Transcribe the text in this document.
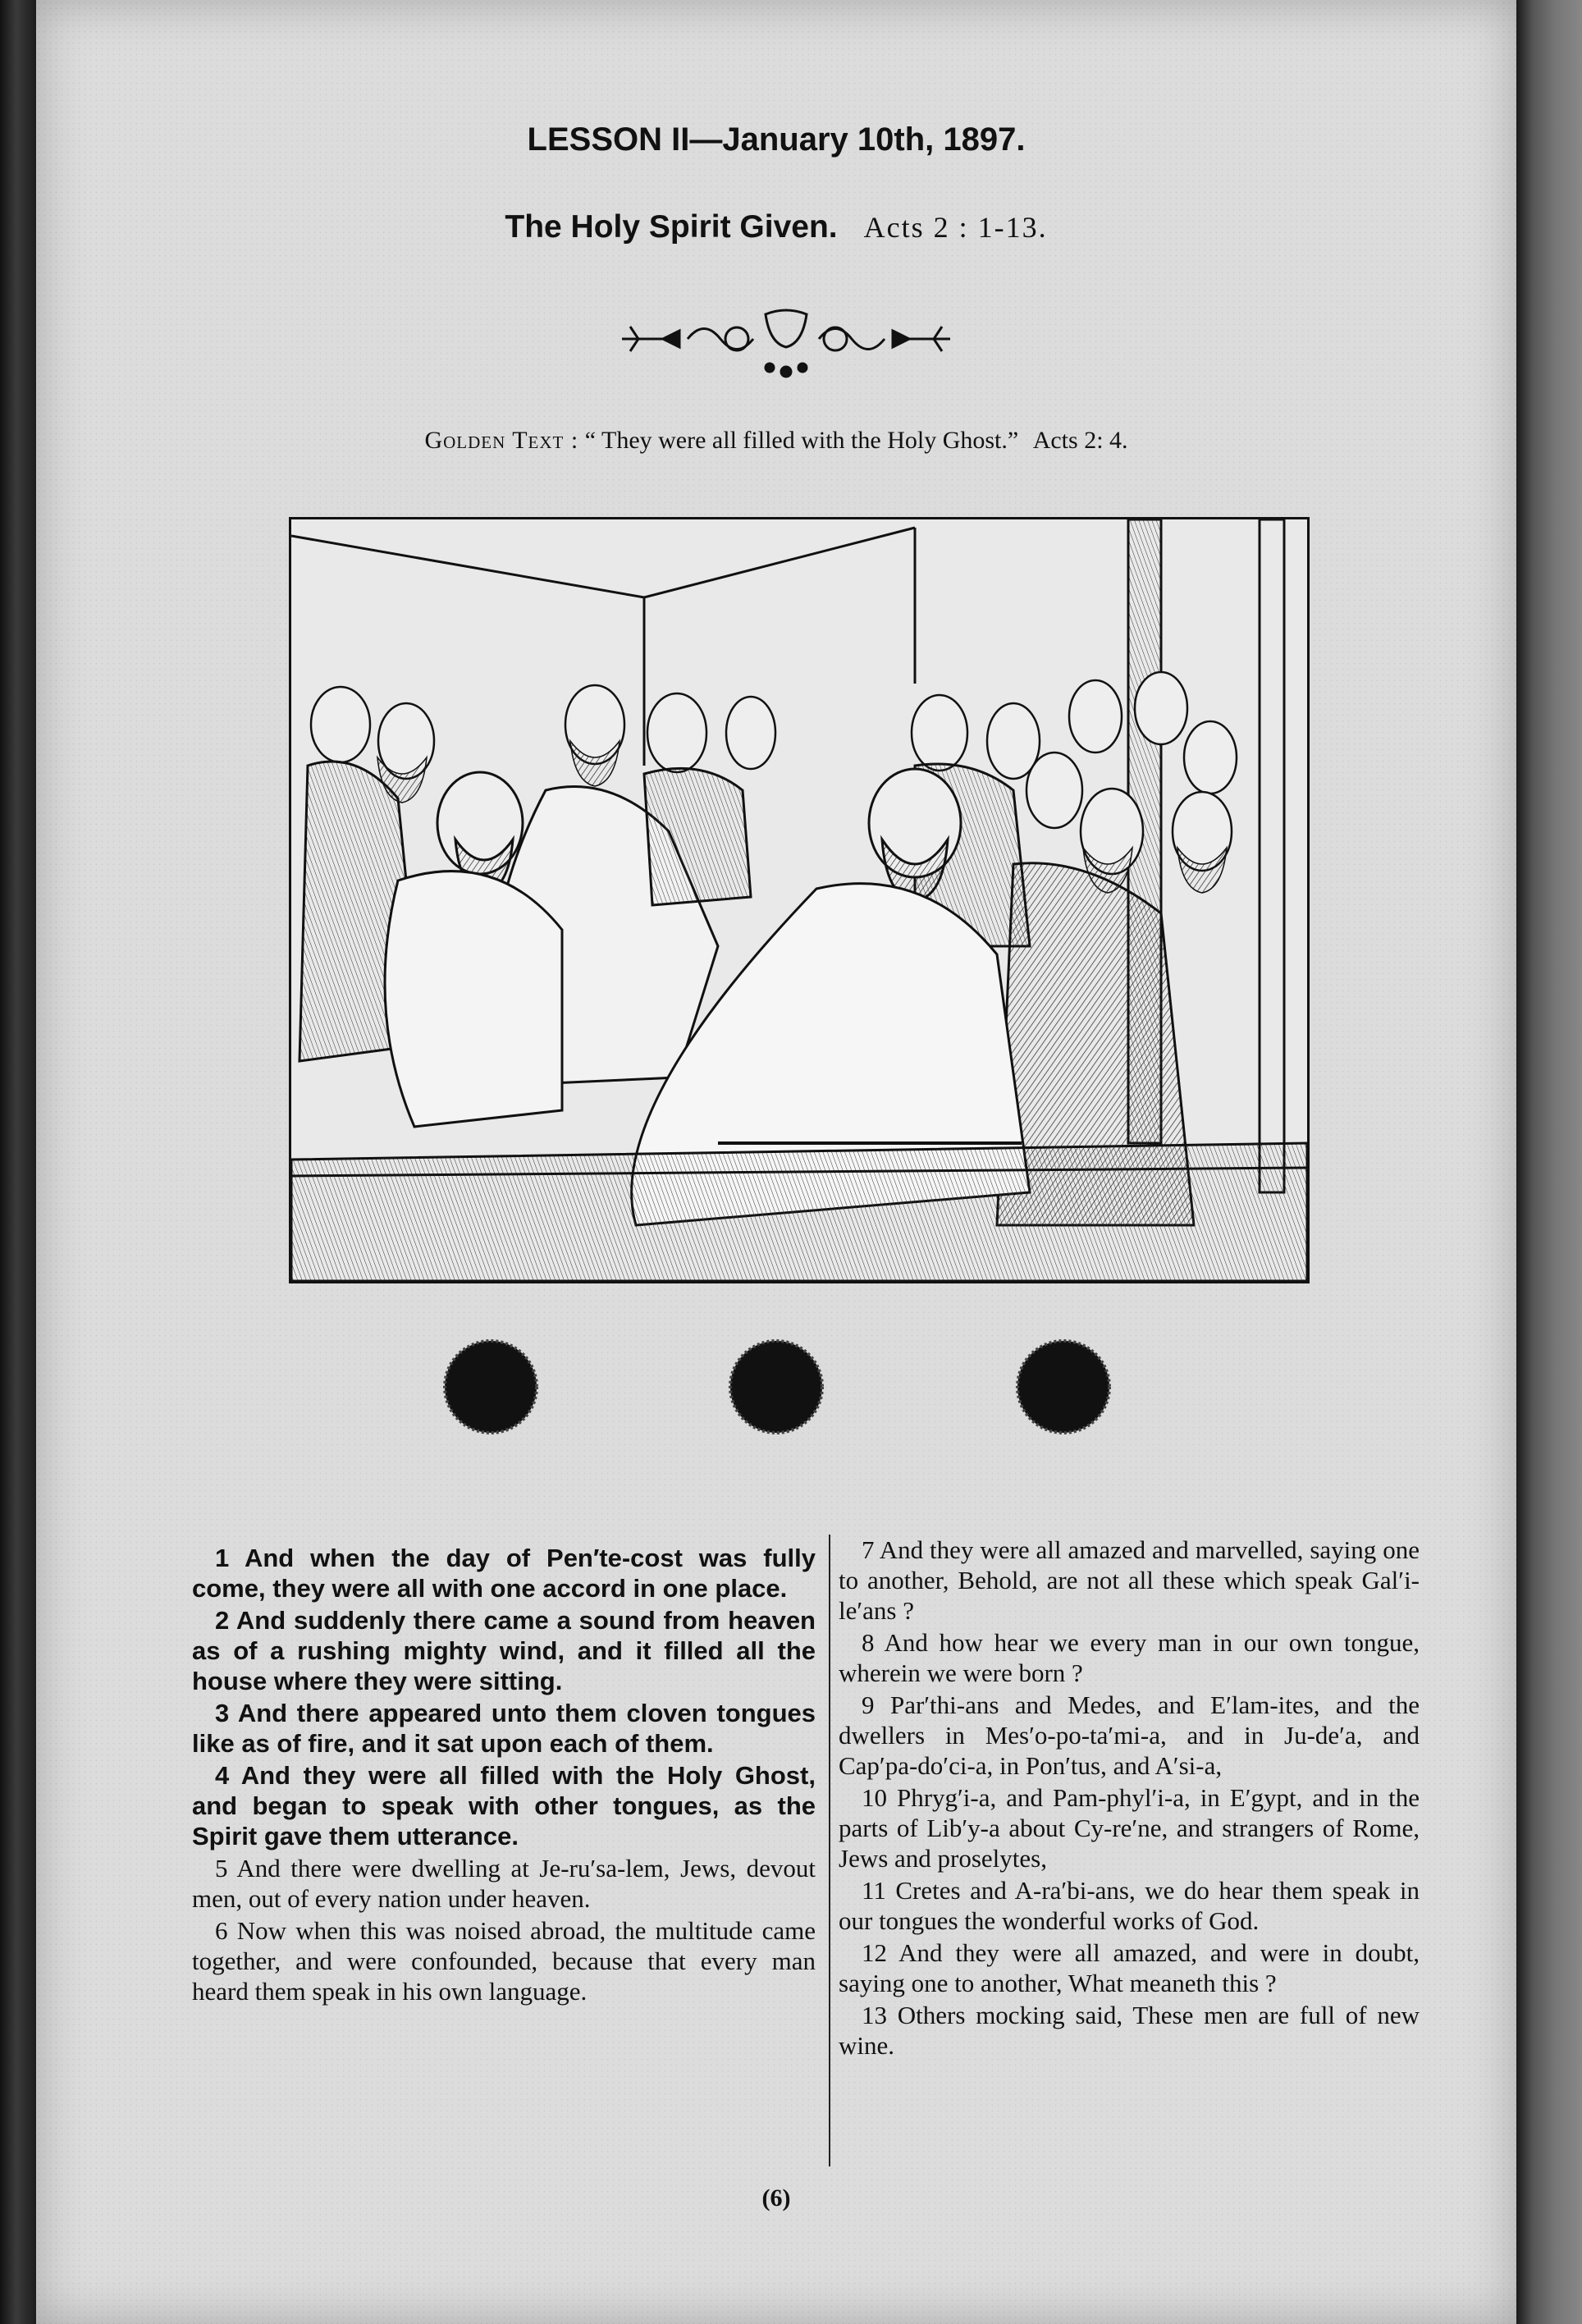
LESSON II—January 10th, 1897.
The Holy Spirit Given. Acts 2 : 1-13.
Golden Text : “ They were all filled with the Holy Ghost.” Acts 2: 4.

1 And when the day of Pen′te-cost was fully come, they were all with one accord in one place.

2 And suddenly there came a sound from heaven as of a rushing mighty wind, and it filled all the house where they were sitting.

3 And there appeared unto them cloven tongues like as of fire, and it sat upon each of them.

4 And they were all filled with the Holy Ghost, and began to speak with other tongues, as the Spirit gave them utterance.

5 And there were dwelling at Je-ru′sa-lem, Jews, devout men, out of every nation under heaven.

6 Now when this was noised abroad, the multitude came together, and were confounded, because that every man heard them speak in his own language.

7 And they were all amazed and marvelled, saying one to another, Behold, are not all these which speak Gal′i-le′ans ?

8 And how hear we every man in our own tongue, wherein we were born ?

9 Par′thi-ans and Medes, and E′lam-ites, and the dwellers in Mes′o-po-ta′mi-a, and in Ju-de′a, and Cap′pa-do′ci-a, in Pon′tus, and A′si-a,

10 Phryg′i-a, and Pam-phyl′i-a, in E′gypt, and in the parts of Lib′y-a about Cy-re′ne, and strangers of Rome, Jews and proselytes,

11 Cretes and A-ra′bi-ans, we do hear them speak in our tongues the wonderful works of God.

12 And they were all amazed, and were in doubt, saying one to another, What meaneth this ?

13 Others mocking said, These men are full of new wine.

(6)
